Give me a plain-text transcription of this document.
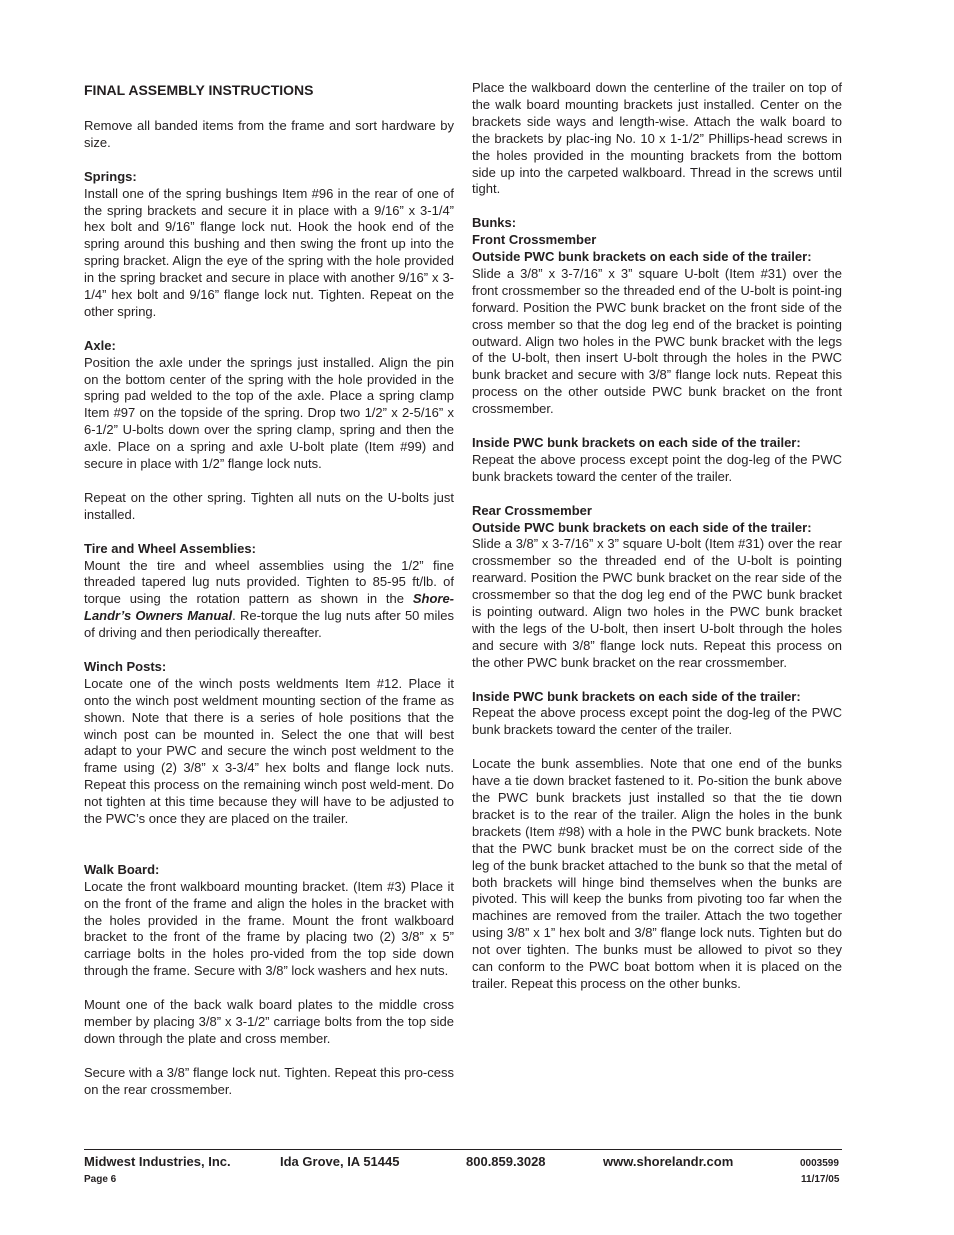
FINAL ASSEMBLY INSTRUCTIONS

Remove all banded items from the frame and sort hardware by size.

Springs:

Install one of the spring bushings Item #96 in the rear of one of the spring brackets and secure it in place with a 9/16” x 3-1/4” hex bolt and 9/16” flange lock nut. Hook the hook end of the spring around this bushing and then swing the front up into the spring bracket. Align the eye of the spring with the hole provided in the spring bracket and secure in place with another 9/16” x 3-1/4” hex bolt and 9/16” flange lock nut. Tighten. Repeat on the other spring.

Axle:

Position the axle under the springs just installed. Align the pin on the bottom center of the spring with the hole provided in the spring pad welded to the top of the axle. Place a spring clamp Item #97 on the topside of the spring. Drop two 1/2” x 2-5/16” x 6-1/2” U-bolts down over the spring clamp, spring and then the axle. Place on a spring and axle U-bolt plate (Item #99) and secure in place with 1/2” flange lock nuts.

Repeat on the other spring. Tighten all nuts on the U-bolts just installed.

Tire and Wheel Assemblies:

Mount the tire and wheel assemblies using the 1/2” fine threaded tapered lug nuts provided. Tighten to 85-95 ft/lb. of torque using the rotation pattern as shown in the Shore-Landr’s Owners Manual. Re-torque the lug nuts after 50 miles of driving and then periodically thereafter.

Winch Posts:

Locate one of the winch posts weldments Item #12. Place it onto the winch post weldment mounting section of the frame as shown. Note that there is a series of hole positions that the winch post can be mounted in. Select the one that will best adapt to your PWC and secure the winch post weldment to the frame using (2) 3/8” x 3-3/4” hex bolts and flange lock nuts. Repeat this process on the remaining winch post weld-ment. Do not tighten at this time because they will have to be adjusted to the PWC’s once they are placed on the trailer.

Walk Board:

Locate the front walkboard mounting bracket. (Item #3) Place it on the front of the frame and align the holes in the bracket with the holes provided in the frame. Mount the front walkboard bracket to the front of the frame by placing two (2) 3/8” x 5” carriage bolts in the holes pro-vided from the top side down through the frame. Secure with 3/8” lock washers and hex nuts.

Mount one of the back walk board plates to the middle cross member by placing 3/8” x 3-1/2” carriage bolts from the top side down through the plate and cross member.

Secure with a 3/8” flange lock nut. Tighten. Repeat this pro-cess on the rear crossmember.

Place the walkboard down the centerline of the trailer on top of the walk board mounting brackets just installed. Center on the brackets side ways and length-wise. Attach the walk board to the brackets by plac-ing No. 10 x 1-1/2” Phillips-head screws in the holes provided in the mounting brackets from the bottom side up into the carpeted walkboard. Thread in the screws until tight.

Bunks:

Front Crossmember

Outside PWC bunk brackets on each side of the trailer:

Slide a 3/8” x 3-7/16” x 3” square U-bolt (Item #31) over the front crossmember so the threaded end of the U-bolt is point-ing forward. Position the PWC bunk bracket on the front side of the cross member so that the dog leg end of the bracket is pointing outward. Align two holes in the PWC bunk bracket with the legs of the U-bolt, then insert U-bolt through the holes in the PWC bunk bracket and secure with 3/8” flange lock nuts. Repeat this process on the other outside PWC bunk bracket on the front crossmember.

Inside PWC bunk brackets on each side of the trailer:

Repeat the above process except point the dog-leg of the PWC bunk brackets toward the center of the trailer.

Rear Crossmember

Outside PWC bunk brackets on each side of the trailer:

Slide a 3/8” x 3-7/16” x 3” square U-bolt (Item #31) over the rear crossmember so the threaded end of the U-bolt is pointing rearward. Position the PWC bunk bracket on the rear side of the crossmember so that the dog leg end of the PWC bunk bracket is pointing outward. Align two holes in the PWC bunk bracket with the legs of the U-bolt, then insert U-bolt through the holes and secure with 3/8” flange lock nuts. Repeat this process on the other PWC bunk bracket on the rear crossmember.

Inside PWC bunk brackets on each side of the trailer:

Repeat the above process except point the dog-leg of the PWC bunk brackets toward the center of the trailer.

Locate the bunk assemblies. Note that one end of the bunks have a tie down bracket fastened to it. Po-sition the bunk above the PWC bunk brackets just installed so that the tie down bracket is to the rear of the trailer. Align the holes in the bunk brackets (Item #98) with a hole in the PWC bunk brackets. Note that the PWC bunk bracket must be on the correct side of the leg of the bunk bracket attached to the bunk so that the metal of both brackets will hinge bind themselves when the bunks are pivoted. This will keep the bunks from pivoting too far when the machines are removed from the trailer. Attach the two together using 3/8” x 1” hex bolt and 3/8” flange lock nuts. Tighten but do not over tighten. The bunks must be allowed to pivot so they can conform to the PWC boat bottom when it is placed on the trailer. Repeat this process on the other bunks.

Midwest Industries, Inc.	Ida Grove, IA 51445	800.859.3028	www.shorelandr.com	0003599
Page 6	11/17/05
